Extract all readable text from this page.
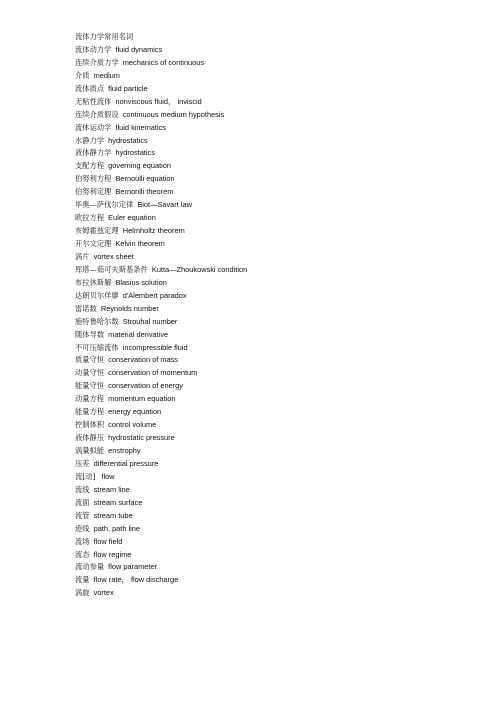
流体力学常用名词
流体动力学 fluid dynamics
连续介质力学 mechanics of continuous
介质 medium
流体质点 fluid particle
无粘性流体 nonviscous fluid， inviscid
连续介质假设 continuous medium hypothesis
流体运动学 fluid kinematics
水静力学 hydrostatics
液体静力学 hydrostatics
支配方程 governing equation
伯努利方程 Bernoulli equation
伯努利定理 Bernonlli theorem
毕奥—萨伐尔定律 Biot—Savart law
欧拉方程 Euler equation
亥姆霍兹定理 Helmholtz theorem
开尔文定理 Kelvin theorem
涡片 vortex sheet
库塔—茹可夫斯基条件 Kutta—Zhoukowski condition
布拉休斯解 Blasius solution
达朗贝尔佯廖 d'Alembert paradox
雷诺数 Reynolds number
施特鲁哈尔数 Strouhal number
随体导数 material derivative
不可压缩流体 incompressible fluid
质量守恒 conservation of mass
动量守恒 conservation of momentum
能量守恒 conservation of energy
动量方程 momentum equation
能量方程 energy equation
控制体积 control volume
液体静压 hydrostatic pressure
涡量拟能 enstrophy
压差 differential pressure
流[动] flow
流线 stream line
流面 stream surface
流管 stream tube
迹线 path, path line
流场 flow field
流态 flow regime
流动参量 flow parameter
流量 flow rate， flow discharge
涡旋 vortex
